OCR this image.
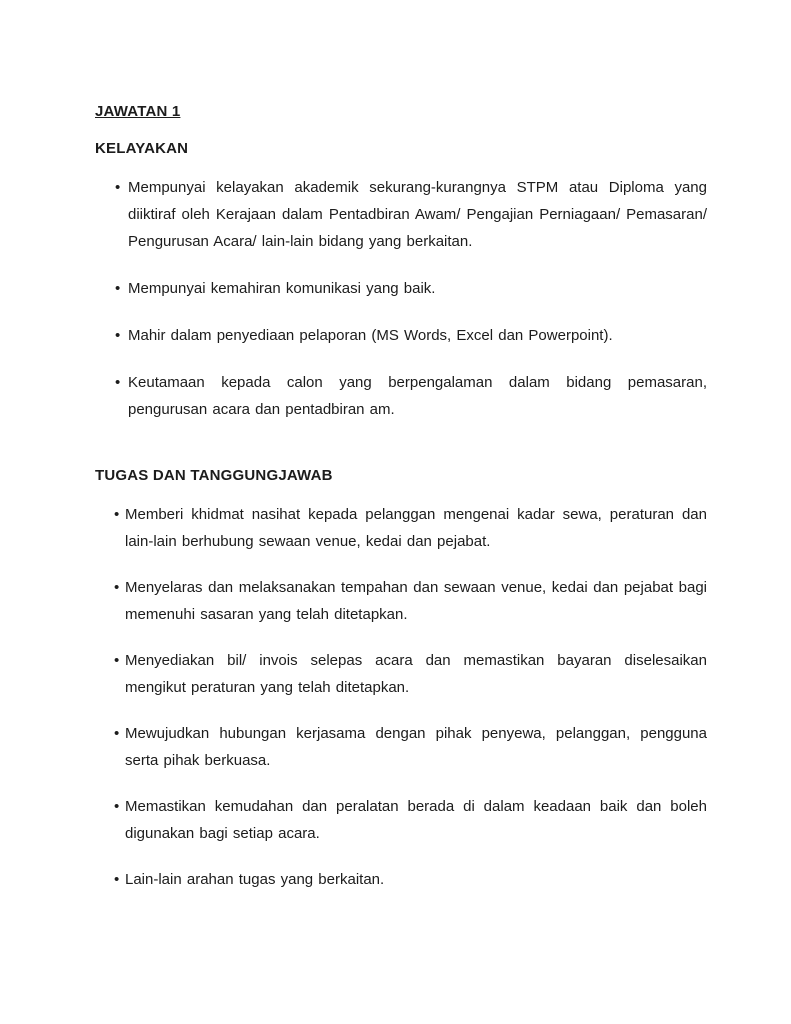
JAWATAN 1
KELAYAKAN
• Mempunyai kelayakan akademik sekurang-kurangnya STPM atau Diploma yang diiktiraf oleh Kerajaan dalam Pentadbiran Awam/ Pengajian Perniagaan/ Pemasaran/ Pengurusan Acara/ lain-lain bidang yang berkaitan.
• Mempunyai kemahiran komunikasi yang baik.
• Mahir dalam penyediaan pelaporan (MS Words, Excel dan Powerpoint).
• Keutamaan kepada calon yang berpengalaman dalam bidang pemasaran, pengurusan acara dan pentadbiran am.
TUGAS DAN TANGGUNGJAWAB
• Memberi khidmat nasihat kepada pelanggan mengenai kadar sewa, peraturan dan lain-lain berhubung sewaan venue, kedai dan pejabat.
• Menyelaras dan melaksanakan tempahan dan sewaan venue, kedai dan pejabat bagi memenuhi sasaran yang telah ditetapkan.
• Menyediakan bil/ invois selepas acara dan memastikan bayaran diselesaikan mengikut peraturan yang telah ditetapkan.
• Mewujudkan hubungan kerjasama dengan pihak penyewa, pelanggan, pengguna serta pihak berkuasa.
• Memastikan kemudahan dan peralatan berada di dalam keadaan baik dan boleh digunakan bagi setiap acara.
• Lain-lain arahan tugas yang berkaitan.
